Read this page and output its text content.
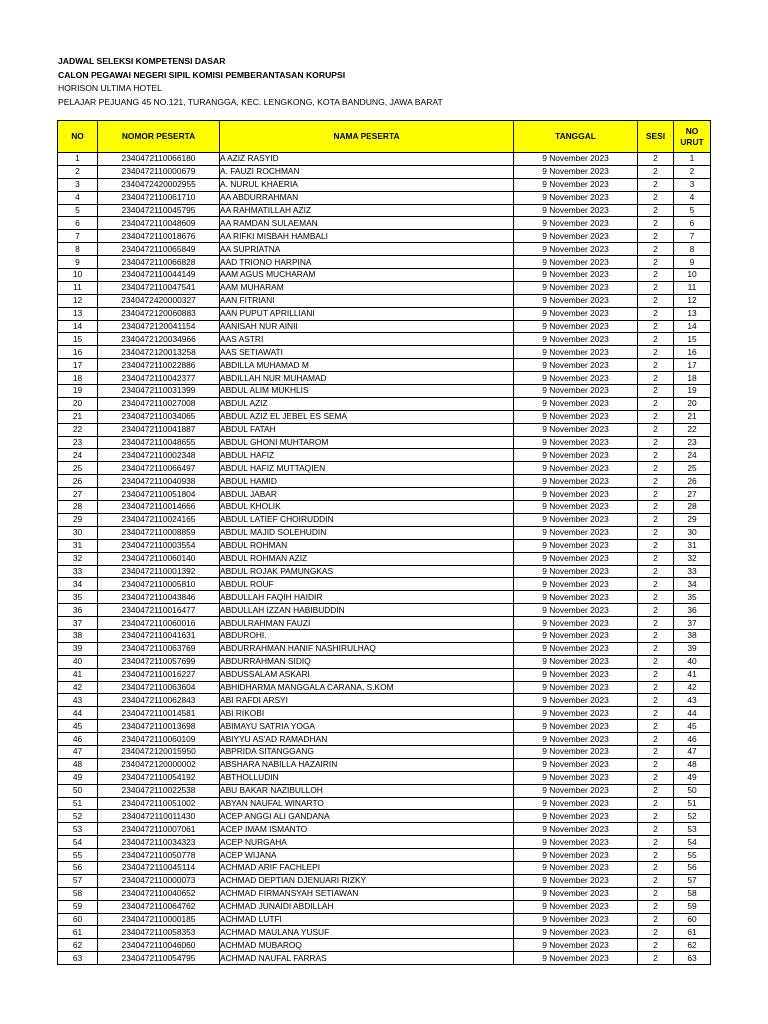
JADWAL SELEKSI KOMPETENSI DASAR
CALON PEGAWAI NEGERI SIPIL KOMISI PEMBERANTASAN KORUPSI
HORISON ULTIMA HOTEL
PELAJAR PEJUANG 45 NO.121, TURANGGA, KEC. LENGKONG, KOTA BANDUNG, JAWA BARAT
NO	NOMOR PESERTA	NAMA PESERTA	TANGGAL	SESI	NO URUT
1	2340472110066180	A AZIZ RASYID	9 November 2023	2	1
2	2340472110000679	A. FAUZI ROCHMAN	9 November 2023	2	2
3	2340472420002955	A. NURUL KHAERIA	9 November 2023	2	3
4	2340472110061710	AA ABDURRAHMAN	9 November 2023	2	4
5	2340472110045795	AA RAHMATILLAH AZIZ	9 November 2023	2	5
6	2340472110048609	AA RAMDAN SULAEMAN	9 November 2023	2	6
7	2340472110018676	AA RIFKI MISBAH HAMBALI	9 November 2023	2	7
8	2340472110065849	AA SUPRIATNA	9 November 2023	2	8
9	2340472110066828	AAD TRIONO HARPINA	9 November 2023	2	9
10	2340472110044149	AAM AGUS MUCHARAM	9 November 2023	2	10
11	2340472110047541	AAM MUHARAM	9 November 2023	2	11
12	2340472420000327	AAN FITRIANI	9 November 2023	2	12
13	2340472120060883	AAN PUPUT APRILLIANI	9 November 2023	2	13
14	2340472120041154	AANISAH NUR AINII	9 November 2023	2	14
15	2340472120034966	AAS ASTRI	9 November 2023	2	15
16	2340472120013258	AAS SETIAWATI	9 November 2023	2	16
17	2340472110022886	ABDILLA MUHAMAD M	9 November 2023	2	17
18	2340472110042377	ABDILLAH NUR MUHAMAD	9 November 2023	2	18
19	2340472110031399	ABDUL ALIM MUKHLIS	9 November 2023	2	19
20	2340472110027008	ABDUL AZIZ	9 November 2023	2	20
21	2340472110034065	ABDUL AZIZ EL JEBEL ES SEMA	9 November 2023	2	21
22	2340472110041887	ABDUL FATAH	9 November 2023	2	22
23	2340472110048655	ABDUL GHONI MUHTAROM	9 November 2023	2	23
24	2340472110002348	ABDUL HAFIZ	9 November 2023	2	24
25	2340472110066497	ABDUL HAFIZ MUTTAQIEN	9 November 2023	2	25
26	2340472110040938	ABDUL HAMID	9 November 2023	2	26
27	2340472110051804	ABDUL JABAR	9 November 2023	2	27
28	2340472110014666	ABDUL KHOLIK	9 November 2023	2	28
29	2340472110024165	ABDUL LATIEF CHOIRUDDIN	9 November 2023	2	29
30	2340472110008859	ABDUL MAJID SOLEHUDIN	9 November 2023	2	30
31	2340472110003554	ABDUL ROHMAN	9 November 2023	2	31
32	2340472110060140	ABDUL ROHMAN AZIZ	9 November 2023	2	32
33	2340472110001392	ABDUL ROJAK PAMUNGKAS	9 November 2023	2	33
34	2340472110005810	ABDUL ROUF	9 November 2023	2	34
35	2340472110043846	ABDULLAH FAQIH HAIDIR	9 November 2023	2	35
36	2340472110016477	ABDULLAH IZZAN HABIBUDDIN	9 November 2023	2	36
37	2340472110060016	ABDULRAHMAN FAUZI	9 November 2023	2	37
38	2340472110041631	ABDUROHI.	9 November 2023	2	38
39	2340472110063769	ABDURRAHMAN HANIF NASHIRULHAQ	9 November 2023	2	39
40	2340472110057699	ABDURRAHMAN SIDIQ	9 November 2023	2	40
41	2340472110016227	ABDUSSALAM ASKARI	9 November 2023	2	41
42	2340472110063604	ABHIDHARMA MANGGALA CARANA, S.KOM	9 November 2023	2	42
43	2340472110062843	ABI RAFDI ARSYI	9 November 2023	2	43
44	2340472110014581	ABI RIKOBI	9 November 2023	2	44
45	2340472110013698	ABIMAYU SATRIA YOGA	9 November 2023	2	45
46	2340472110060109	ABIYYU AS'AD RAMADHAN	9 November 2023	2	46
47	2340472120015950	ABPRIDA SITANGGANG	9 November 2023	2	47
48	2340472120000002	ABSHARA NABILLA HAZAIRIN	9 November 2023	2	48
49	2340472110054192	ABTHOLLUDIN	9 November 2023	2	49
50	2340472110022538	ABU BAKAR NAZIBULLOH	9 November 2023	2	50
51	2340472110051002	ABYAN NAUFAL WINARTO	9 November 2023	2	51
52	2340472110011430	ACEP ANGGI ALI GANDANA	9 November 2023	2	52
53	2340472110007061	ACEP IMAM ISMANTO	9 November 2023	2	53
54	2340472110034323	ACEP NURGAHA	9 November 2023	2	54
55	2340472110050778	ACEP WIJANA	9 November 2023	2	55
56	2340472110045114	ACHMAD ARIF FACHLEPI	9 November 2023	2	56
57	2340472110000073	ACHMAD DEPTIAN DJENUARI RIZKY	9 November 2023	2	57
58	2340472110040652	ACHMAD FIRMANSYAH SETIAWAN	9 November 2023	2	58
59	2340472110064762	ACHMAD JUNAIDI ABDILLAH	9 November 2023	2	59
60	2340472110000185	ACHMAD LUTFI	9 November 2023	2	60
61	2340472110058353	ACHMAD MAULANA YUSUF	9 November 2023	2	61
62	2340472110046060	ACHMAD MUBAROQ	9 November 2023	2	62
63	2340472110054795	ACHMAD NAUFAL FARRAS	9 November 2023	2	63
